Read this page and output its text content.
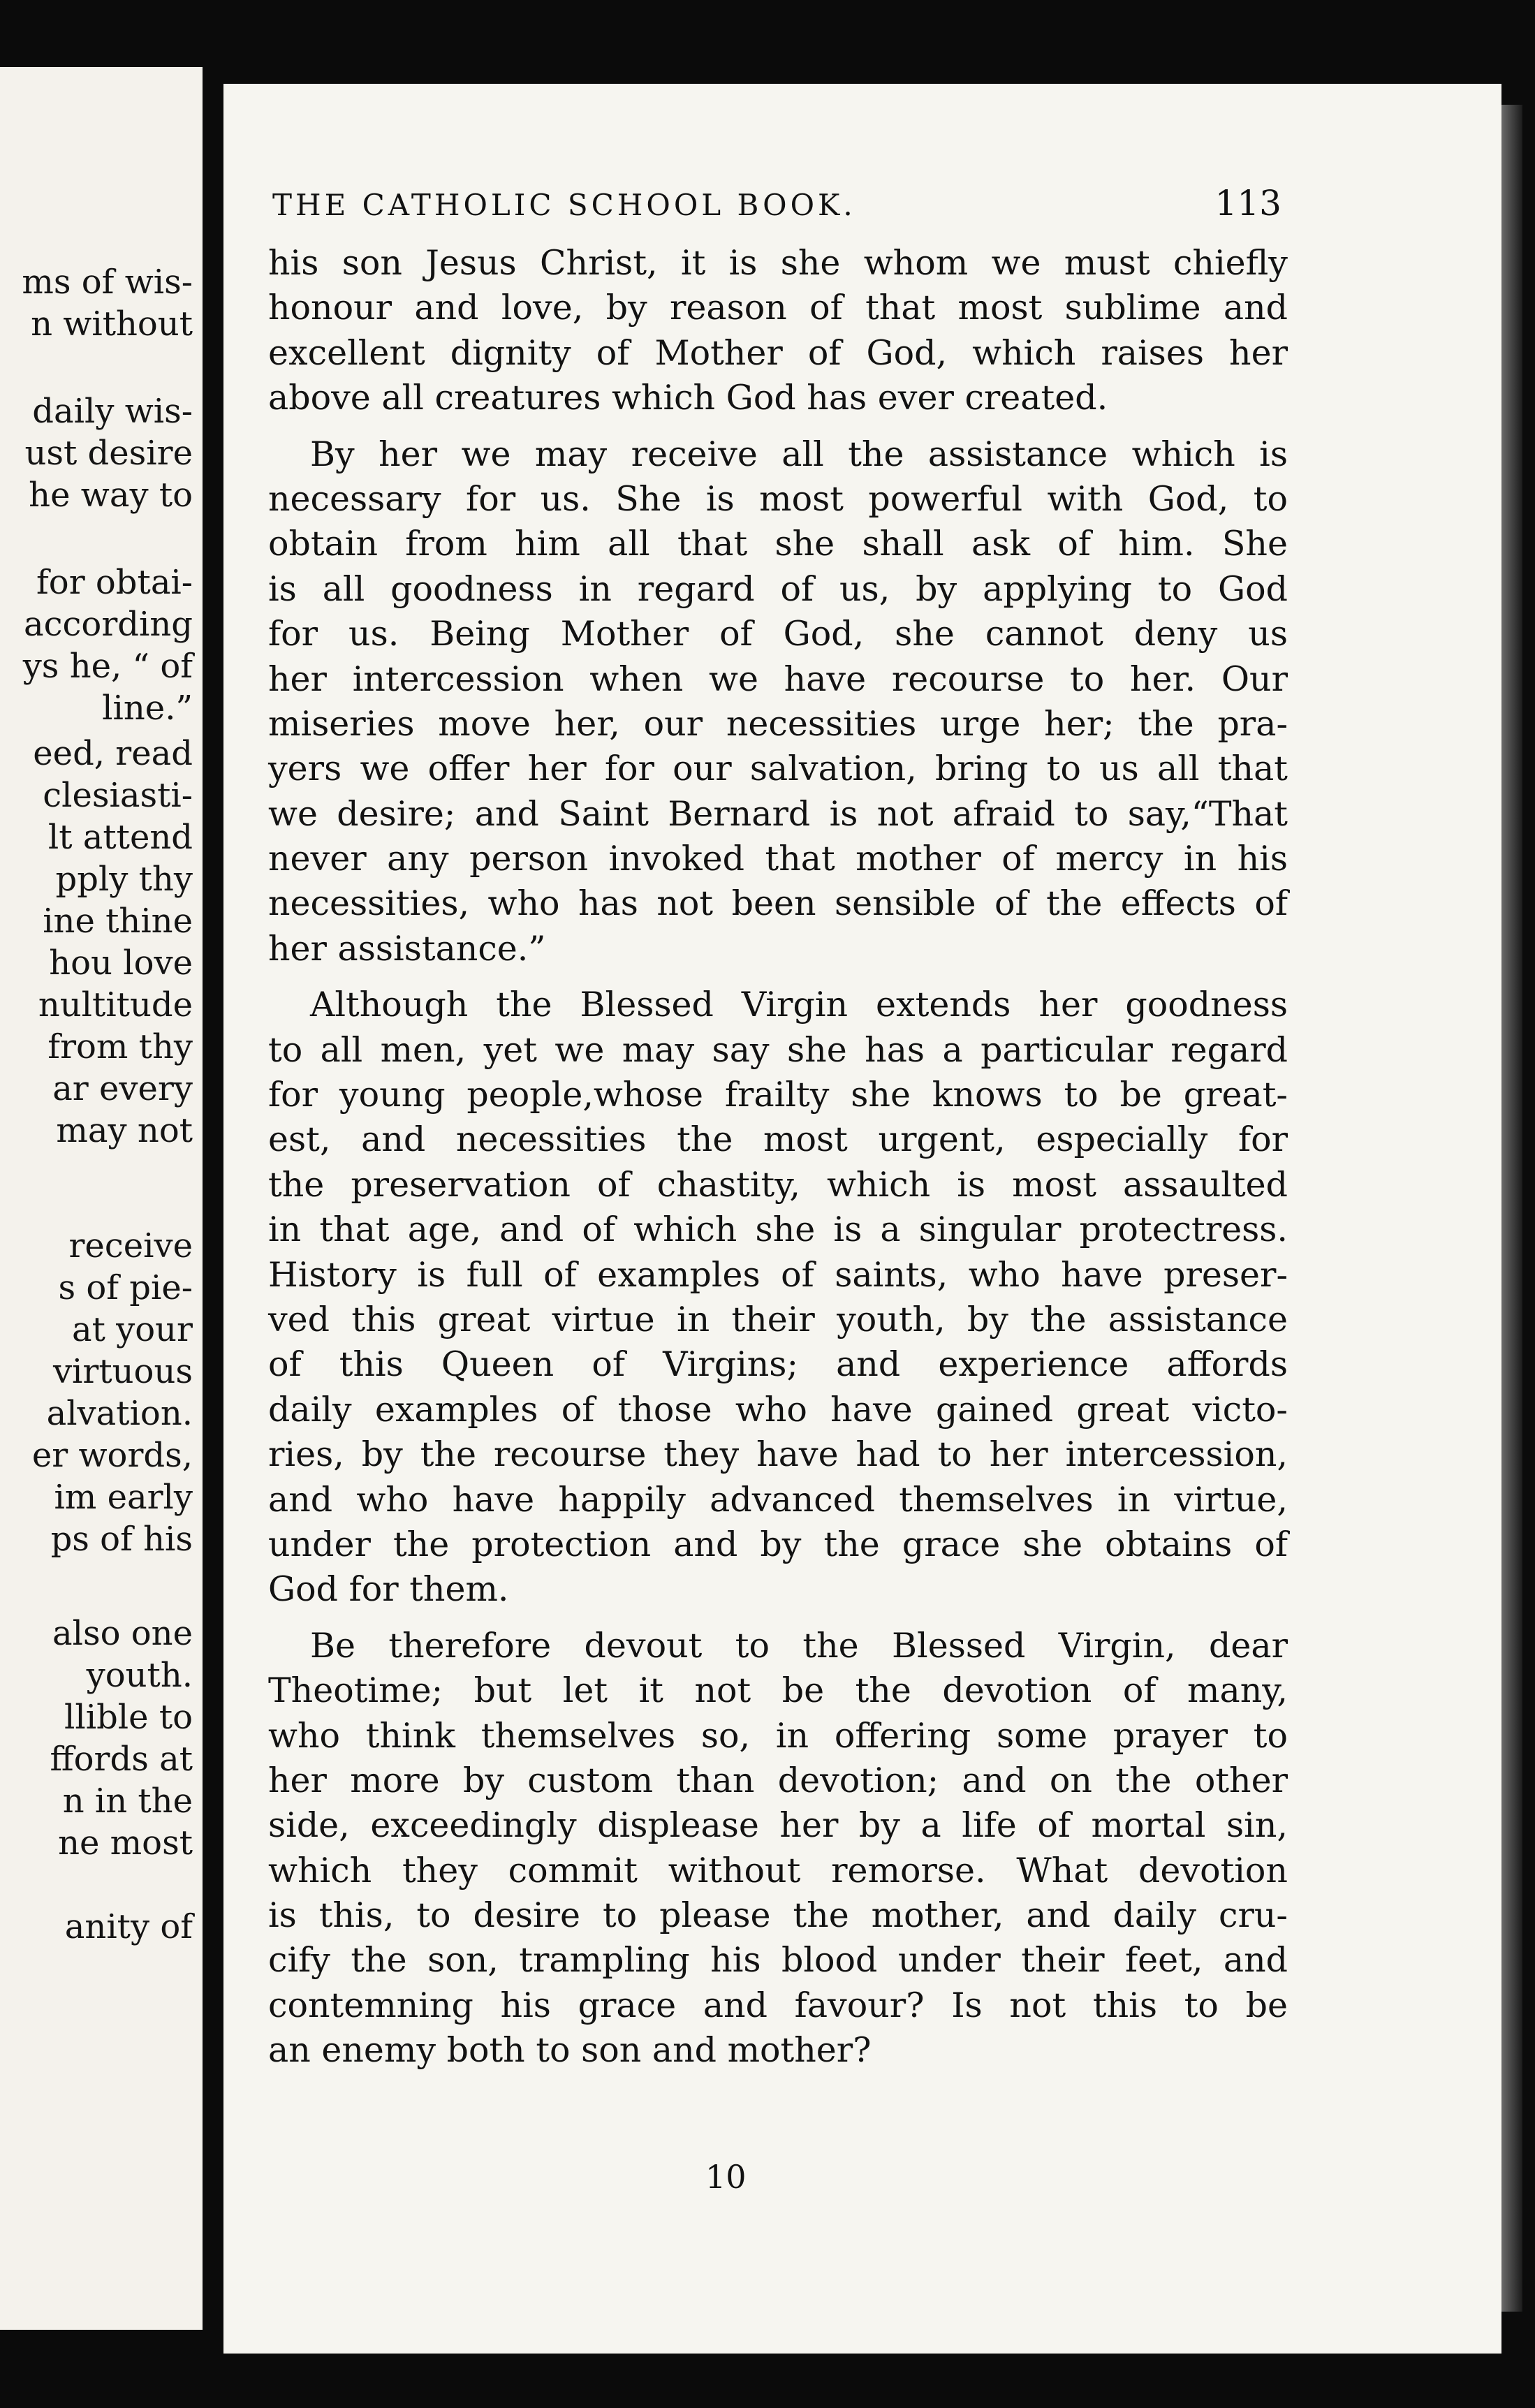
ms of wis-
n without
daily wis-
ust desire
he way to
for obtai-
according
ys he, “ of
line.”
eed, read
clesiasti-
lt attend
pply thy
ine thine
hou love
nultitude
from thy
ar every
may not
receive
s of pie-
at your
virtuous
alvation.
er words,
im early
ps of his
also one
youth.
llible to
ffords at
n in the
ne most
anity of
THE CATHOLIC SCHOOL BOOK.	113
his son Jesus Christ, it is she whom we must chiefly
honour and love, by reason of that most sublime and
excellent dignity of Mother of God, which raises her
above all creatures which God has ever created.
By her we may receive all the assistance which is
necessary for us. She is most powerful with God, to
obtain from him all that she shall ask of him. She
is all goodness in regard of us, by applying to God
for us. Being Mother of God, she cannot deny us
her intercession when we have recourse to her. Our
miseries move her, our necessities urge her; the pra-
yers we offer her for our salvation, bring to us all that
we desire; and Saint Bernard is not afraid to say,“That
never any person invoked that mother of mercy in his
necessities, who has not been sensible of the effects of
her assistance.”
Although the Blessed Virgin extends her goodness
to all men, yet we may say she has a particular regard
for young people,whose frailty she knows to be great-
est, and necessities the most urgent, especially for
the preservation of chastity, which is most assaulted
in that age, and of which she is a singular protectress.
History is full of examples of saints, who have preser-
ved this great virtue in their youth, by the assistance
of this Queen of Virgins; and experience affords
daily examples of those who have gained great victo-
ries, by the recourse they have had to her intercession,
and who have happily advanced themselves in virtue,
under the protection and by the grace she obtains of
God for them.
Be therefore devout to the Blessed Virgin, dear
Theotime; but let it not be the devotion of many,
who think themselves so, in offering some prayer to
her more by custom than devotion; and on the other
side, exceedingly displease her by a life of mortal sin,
which they commit without remorse. What devotion
is this, to desire to please the mother, and daily cru-
cify the son, trampling his blood under their feet, and
contemning his grace and favour? Is not this to be
an enemy both to son and mother?
10
